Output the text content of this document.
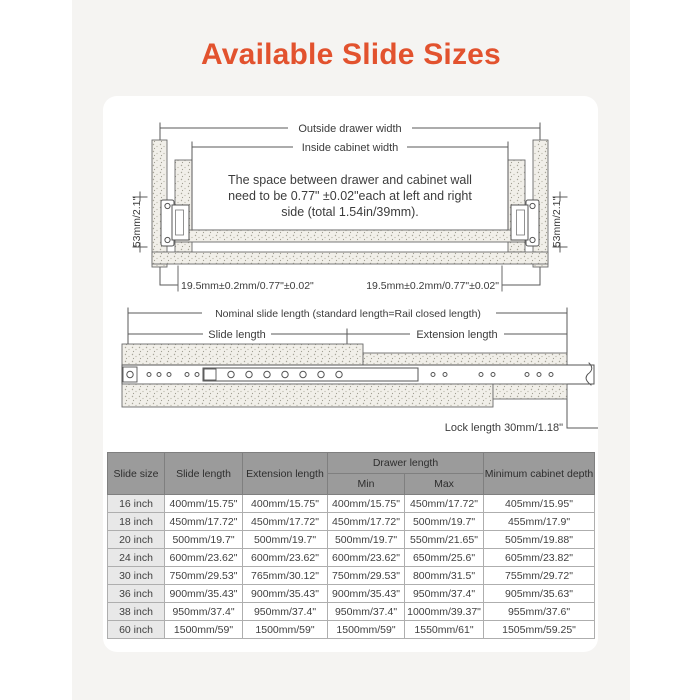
Available Slide Sizes
Outside drawer width
Inside cabinet width
The space between drawer and cabinet wall
need to be 0.77" ±0.02"each at left and right
side (total 1.54in/39mm).
53mm/2.1"	53mm/2.1"
19.5mm±0.2mm/0.77"±0.02"	19.5mm±0.2mm/0.77"±0.02"
Nominal slide length (standard length=Rail closed length)
Slide length	Extension length
Lock length 30mm/1.18"
Slide size	Slide length	Extension length	Drawer length		Minimum cabinet depth
			Min	Max	
16 inch	400mm/15.75"	400mm/15.75"	400mm/15.75"	450mm/17.72"	405mm/15.95"
18 inch	450mm/17.72"	450mm/17.72"	450mm/17.72"	500mm/19.7"	455mm/17.9"
20 inch	500mm/19.7"	500mm/19.7"	500mm/19.7"	550mm/21.65"	505mm/19.88"
24 inch	600mm/23.62"	600mm/23.62"	600mm/23.62"	650mm/25.6"	605mm/23.82"
30 inch	750mm/29.53"	765mm/30.12"	750mm/29.53"	800mm/31.5"	755mm/29.72"
36 inch	900mm/35.43"	900mm/35.43"	900mm/35.43"	950mm/37.4"	905mm/35.63"
38 inch	950mm/37.4"	950mm/37.4"	950mm/37.4"	1000mm/39.37"	955mm/37.6"
60 inch	1500mm/59"	1500mm/59"	1500mm/59"	1550mm/61"	1505mm/59.25"
